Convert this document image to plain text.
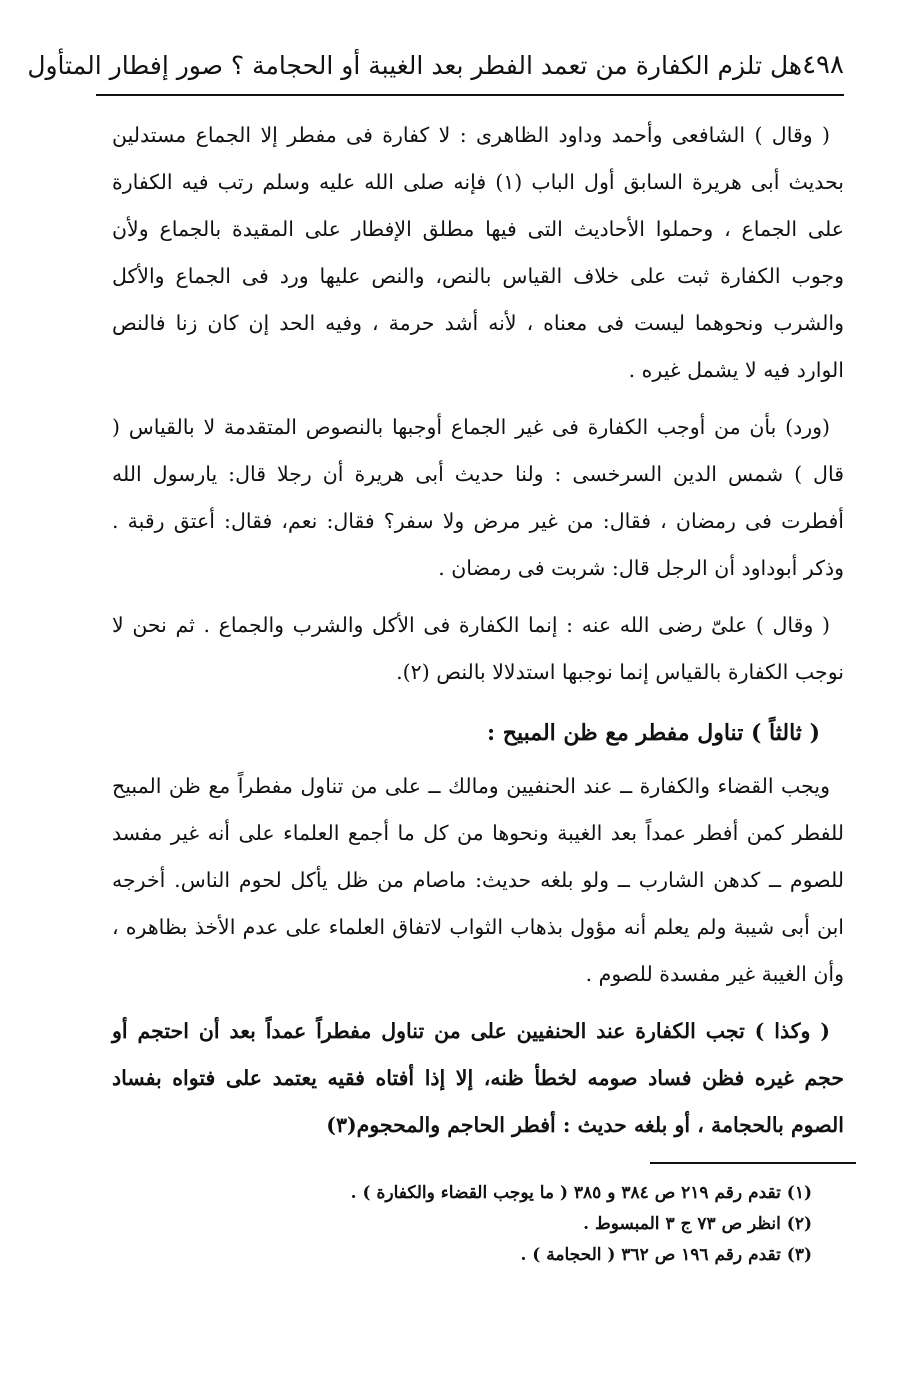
٤٩٨
هل تلزم الكفارة من تعمد الفطر بعد الغيبة أو الحجامة ؟ صور إفطار المتأول

( وقال ) الشافعى وأحمد وداود الظاهرى : لا كفارة فى مفطر إلا الجماع مستدلين بحديث أبى هريرة السابق أول الباب (١) فإنه صلى الله عليه وسلم رتب فيه الكفارة على الجماع ، وحملوا الأحاديث التى فيها مطلق الإفطار على المقيدة بالجماع ولأن وجوب الكفارة ثبت على خلاف القياس بالنص، والنص عليها ورد فى الجماع والأكل والشرب ونحوهما ليست فى معناه ، لأنه أشد حرمة ، وفيه الحد إن كان زنا فالنص الوارد فيه لا يشمل غيره .

(ورد) بأن من أوجب الكفارة فى غير الجماع أوجبها بالنصوص المتقدمة لا بالقياس ( قال ) شمس الدين السرخسى : ولنا حديث أبى هريرة أن رجلا قال: يارسول الله أفطرت فى رمضان ، فقال: من غير مرض ولا سفر؟ فقال: نعم، فقال: أعتق رقبة . وذكر أبوداود أن الرجل قال: شربت فى رمضان .

( وقال ) علىّ رضى الله عنه : إنما الكفارة فى الأكل والشرب والجماع . ثم نحن لا نوجب الكفارة بالقياس إنما نوجبها استدلالا بالنص (٢).

( ثالثاً ) تناول مفطر مع ظن المبيح :

ويجب القضاء والكفارة ــ عند الحنفيين ومالك ــ على من تناول مفطراً مع ظن المبيح للفطر كمن أفطر عمداً بعد الغيبة ونحوها من كل ما أجمع العلماء على أنه غير مفسد للصوم ــ كدهن الشارب ــ ولو بلغه حديث: ماصام من ظل يأكل لحوم الناس. أخرجه ابن أبى شيبة ولم يعلم أنه مؤول بذهاب الثواب لاتفاق العلماء على عدم الأخذ بظاهره ، وأن الغيبة غير مفسدة للصوم .

( وكذا ) تجب الكفارة عند الحنفيين على من تناول مفطراً عمداً بعد أن احتجم أو حجم غيره فظن فساد صومه لخطأ ظنه، إلا إذا أفتاه فقيه يعتمد على فتواه بفساد الصوم بالحجامة ، أو بلغه حديث : أفطر الحاجم والمحجوم(٣)

(١) تقدم رقم ٢١٩ ص ٣٨٤ و ٣٨٥ ( ما يوجب القضاء والكفارة ) .
(٢) انظر ص ٧٣ ج ٣ المبسوط .
(٣) تقدم رقم ١٩٦ ص ٣٦٢ ( الحجامة ) .
